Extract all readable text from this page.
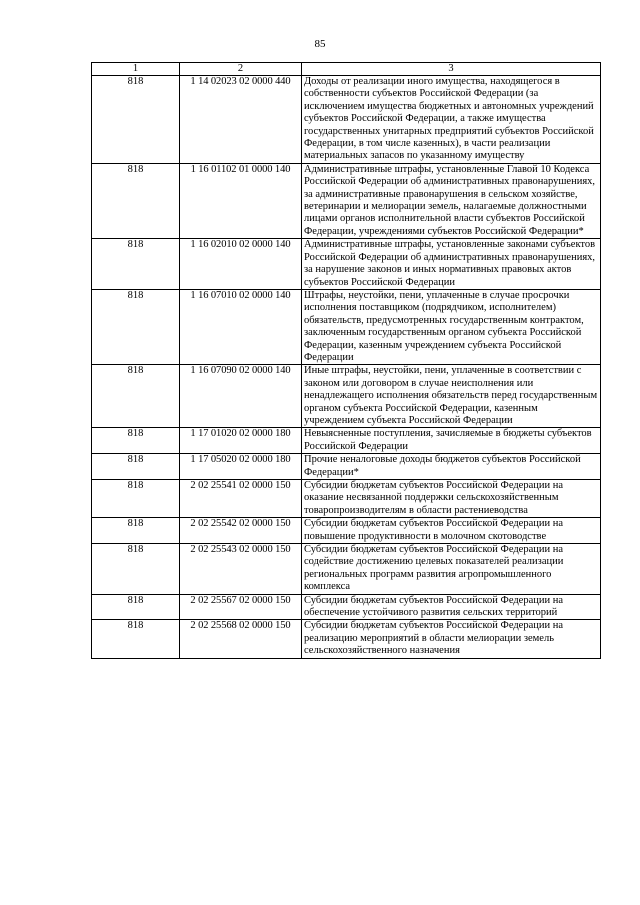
85
1	2	3
818	1 14 02023 02 0000 440	Доходы от реализации иного имущества, находящегося в собственности субъектов Российской Федерации (за исключением имущества бюджетных и автономных учреждений субъектов Российской Федерации, а также имущества государственных унитарных предприятий субъектов Российской Федерации, в том числе казенных), в части реализации материальных запасов по указанному имуществу
818	1 16 01102 01 0000 140	Административные штрафы, установленные Главой 10 Кодекса Российской Федерации об административных правонарушениях, за административные правонарушения в сельском хозяйстве, ветеринарии и мелиорации земель, налагаемые должностными лицами органов исполнительной власти субъектов Российской Федерации, учреждениями субъектов Российской Федерации*
818	1 16 02010 02 0000 140	Административные штрафы, установленные законами субъектов Российской Федерации об административных правонарушениях, за нарушение законов и иных нормативных правовых актов субъектов Российской Федерации
818	1 16 07010 02 0000 140	Штрафы, неустойки, пени, уплаченные в случае просрочки исполнения поставщиком (подрядчиком, исполнителем) обязательств, предусмотренных государственным контрактом, заключенным государственным органом субъекта Российской Федерации, казенным учреждением субъекта Российской Федерации
818	1 16 07090 02 0000 140	Иные штрафы, неустойки, пени, уплаченные в соответствии с законом или договором в случае неисполнения или ненадлежащего исполнения обязательств перед государственным органом субъекта Российской Федерации, казенным учреждением субъекта Российской Федерации
818	1 17 01020 02 0000 180	Невыясненные поступления, зачисляемые в бюджеты субъектов Российской Федерации
818	1 17 05020 02 0000 180	Прочие неналоговые доходы бюджетов субъектов Российской Федерации*
818	2 02 25541 02 0000 150	Субсидии бюджетам субъектов Российской Федерации на оказание несвязанной поддержки сельскохозяйственным товаропроизводителям в области растениеводства
818	2 02 25542 02 0000 150	Субсидии бюджетам субъектов Российской Федерации на повышение продуктивности в молочном скотоводстве
818	2 02 25543 02 0000 150	Субсидии бюджетам субъектов Российской Федерации на содействие достижению целевых показателей реализации региональных программ развития агропромышленного комплекса
818	2 02 25567 02 0000 150	Субсидии бюджетам субъектов Российской Федерации на обеспечение устойчивого развития сельских территорий
818	2 02 25568 02 0000 150	Субсидии бюджетам субъектов Российской Федерации на реализацию мероприятий в области мелиорации земель сельскохозяйственного назначения
